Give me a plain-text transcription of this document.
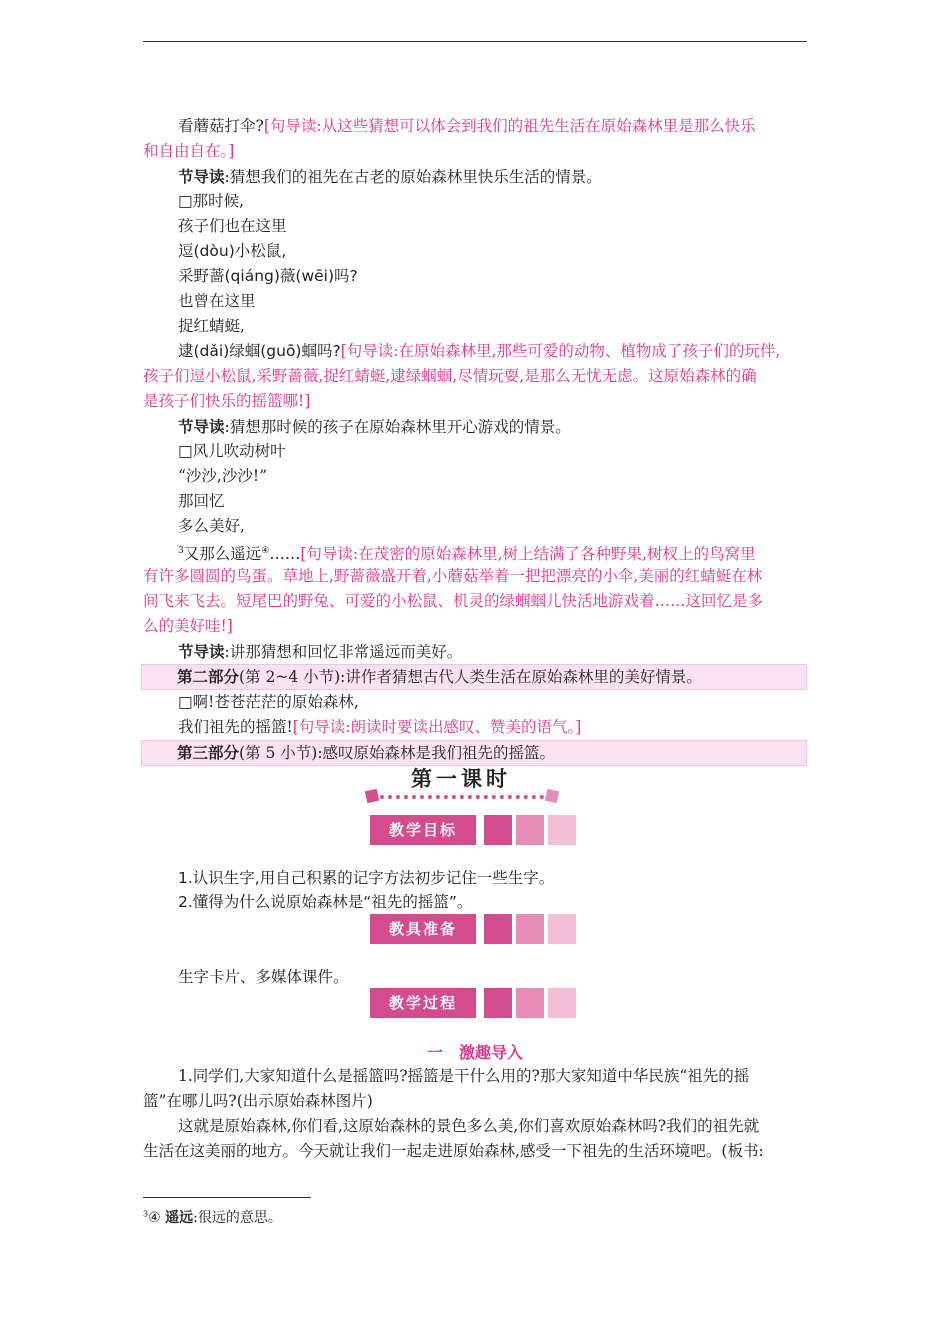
看蘑菇打伞?[句导读:从这些猜想可以体会到我们的祖先生活在原始森林里是那么快乐
和自由自在。]
节导读:猜想我们的祖先在古老的原始森林里快乐生活的情景。
□那时候,
孩子们也在这里
逗(dòu)小松鼠,
采野蔷(qiáng)薇(wēi)吗?
也曾在这里
捉红蜻蜓,
逮(dǎi)绿蝈(guō)蝈吗?[句导读:在原始森林里,那些可爱的动物、植物成了孩子们的玩伴,
孩子们逗小松鼠,采野蔷薇,捉红蜻蜓,逮绿蝈蝈,尽情玩耍,是那么无忧无虑。这原始森林的确
是孩子们快乐的摇篮哪!]
节导读:猜想那时候的孩子在原始森林里开心游戏的情景。
□风儿吹动树叶
“沙沙,沙沙!”
那回忆
多么美好,
$^3$又那么遥远④……[句导读:在茂密的原始森林里,树上结满了各种野果,树杈上的鸟窝里
有许多圆圆的鸟蛋。草地上,野蔷薇盛开着,小蘑菇举着一把把漂亮的小伞,美丽的红蜻蜓在林
间飞来飞去。短尾巴的野兔、可爱的小松鼠、机灵的绿蝈蝈儿快活地游戏着……这回忆是多
么的美好哇!]
节导读:讲那猜想和回忆非常遥远而美好。
第二部分(第 2~4 小节):讲作者猜想古代人类生活在原始森林里的美好情景。
□啊!苍苍茫茫的原始森林,
我们祖先的摇篮![句导读:朗读时要读出感叹、赞美的语气。]
第三部分(第 5 小节):感叹原始森林是我们祖先的摇篮。
第一课时
教学目标
1.认识生字,用自己积累的记字方法初步记住一些生字。
2.懂得为什么说原始森林是“祖先的摇篮”。
教具准备
生字卡片、多媒体课件。
教学过程
一 激趣导入
1.同学们,大家知道什么是摇篮吗?摇篮是干什么用的?那大家知道中华民族“祖先的摇
篮”在哪儿吗?(出示原始森林图片)
这就是原始森林,你们看,这原始森林的景色多么美,你们喜欢原始森林吗?我们的祖先就
生活在这美丽的地方。今天就让我们一起走进原始森林,感受一下祖先的生活环境吧。(板书:
$^3$④ 遥远:很远的意思。
